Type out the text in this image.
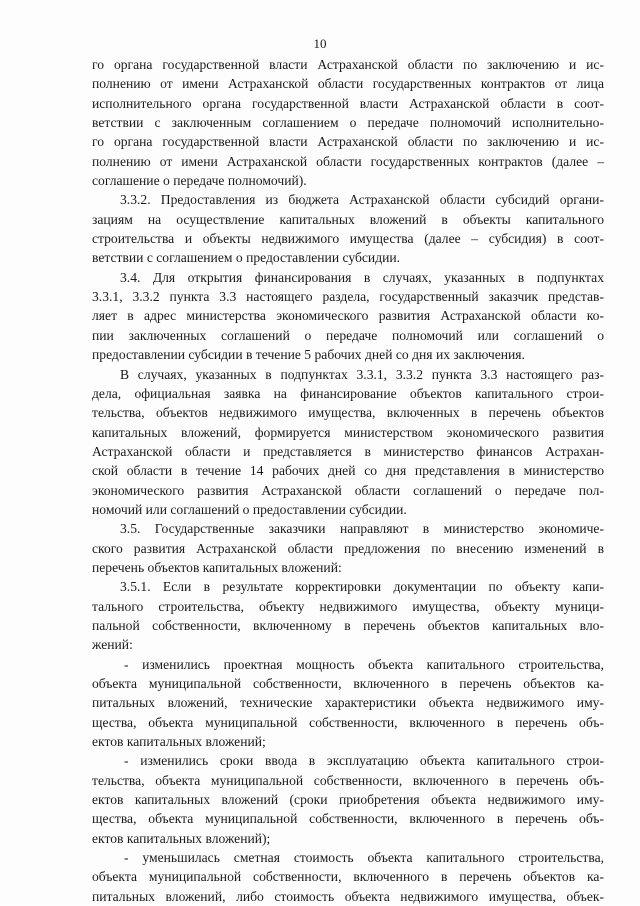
10
го органа государственной власти Астраханской области по заключению и ис-
полнению от имени Астраханской области государственных контрактов от лица
исполнительного органа государственной власти Астраханской области в соот-
ветствии с заключенным соглашением о передаче полномочий исполнительно-
го органа государственной власти Астраханской области по заключению и ис-
полнению от имени Астраханской области государственных контрактов (далее –
соглашение о передаче полномочий).
3.3.2. Предоставления из бюджета Астраханской области субсидий органи-
зациям на осуществление капитальных вложений в объекты капитального
строительства и объекты недвижимого имущества (далее – субсидия) в соот-
ветствии с соглашением о предоставлении субсидии.
3.4. Для открытия финансирования в случаях, указанных в подпунктах
3.3.1, 3.3.2 пункта 3.3 настоящего раздела, государственный заказчик представ-
ляет в адрес министерства экономического развития Астраханской области ко-
пии заключенных соглашений о передаче полномочий или соглашений о
предоставлении субсидии в течение 5 рабочих дней со дня их заключения.
В случаях, указанных в подпунктах 3.3.1, 3.3.2 пункта 3.3 настоящего раз-
дела, официальная заявка на финансирование объектов капитального строи-
тельства, объектов недвижимого имущества, включенных в перечень объектов
капитальных вложений, формируется министерством экономического развития
Астраханской области и представляется в министерство финансов Астрахан-
ской области в течение 14 рабочих дней со дня представления в министерство
экономического развития Астраханской области соглашений о передаче пол-
номочий или соглашений о предоставлении субсидии.
3.5. Государственные заказчики направляют в министерство экономиче-
ского развития Астраханской области предложения по внесению изменений в
перечень объектов капитальных вложений:
3.5.1. Если в результате корректировки документации по объекту капи-
тального строительства, объекту недвижимого имущества, объекту муници-
пальной собственности, включенному в перечень объектов капитальных вло-
жений:
- изменились проектная мощность объекта капитального строительства,
объекта муниципальной собственности, включенного в перечень объектов ка-
питальных вложений, технические характеристики объекта недвижимого иму-
щества, объекта муниципальной собственности, включенного в перечень объ-
ектов капитальных вложений;
- изменились сроки ввода в эксплуатацию объекта капитального строи-
тельства, объекта муниципальной собственности, включенного в перечень объ-
ектов капитальных вложений (сроки приобретения объекта недвижимого иму-
щества, объекта муниципальной собственности, включенного в перечень объ-
ектов капитальных вложений);
- уменьшилась сметная стоимость объекта капитального строительства,
объекта муниципальной собственности, включенного в перечень объектов ка-
питальных вложений, либо стоимость объекта недвижимого имущества, объек-
